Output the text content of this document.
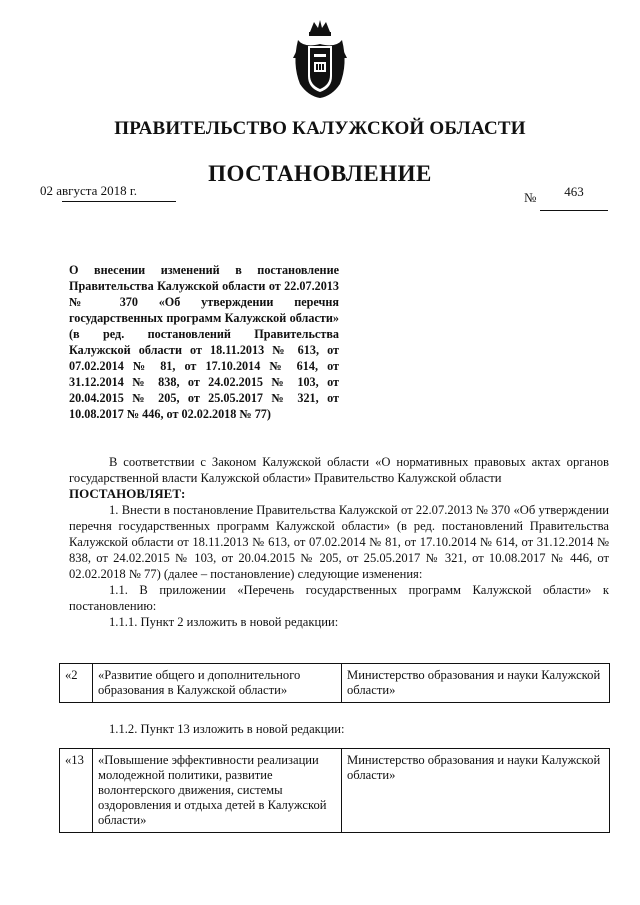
ПРАВИТЕЛЬСТВО КАЛУЖСКОЙ ОБЛАСТИ
ПОСТАНОВЛЕНИЕ
02 августа 2018 г.	№	463
О внесении изменений в постановление Правительства Калужской области от 22.07.2013 № 370 «Об утверждении перечня государственных программ Калужской области» (в ред. постановлений Правительства Калужской области от 18.11.2013 № 613, от 07.02.2014 № 81, от 17.10.2014 № 614, от 31.12.2014 № 838, от 24.02.2015 № 103, от 20.04.2015 № 205, от 25.05.2017 № 321, от 10.08.2017 № 446, от 02.02.2018 № 77)

В соответствии с Законом Калужской области «О нормативных правовых актах органов государственной власти Калужской области» Правительство Калужской области

ПОСТАНОВЛЯЕТ:

1. Внести в постановление Правительства Калужской от 22.07.2013 № 370 «Об утверждении перечня государственных программ Калужской области» (в ред. постановлений Правительства Калужской области от 18.11.2013 № 613, от 07.02.2014 № 81, от 17.10.2014 № 614, от 31.12.2014 № 838, от 24.02.2015 № 103, от 20.04.2015 № 205, от 25.05.2017 № 321, от 10.08.2017 № 446, от 02.02.2018 № 77) (далее – постановление) следующие изменения:

1.1. В приложении «Перечень государственных программ Калужской области» к постановлению:

1.1.1. Пункт 2 изложить в новой редакции:

«2	«Развитие общего и дополнительного образования в Калужской области»	Министерство образования и науки Калужской области»
1.1.2. Пункт 13 изложить в новой редакции:
«13	«Повышение эффективности реализации молодежной политики, развитие волонтерского движения, системы оздоровления и отдыха детей в Калужской области»	Министерство образования и науки Калужской области»
